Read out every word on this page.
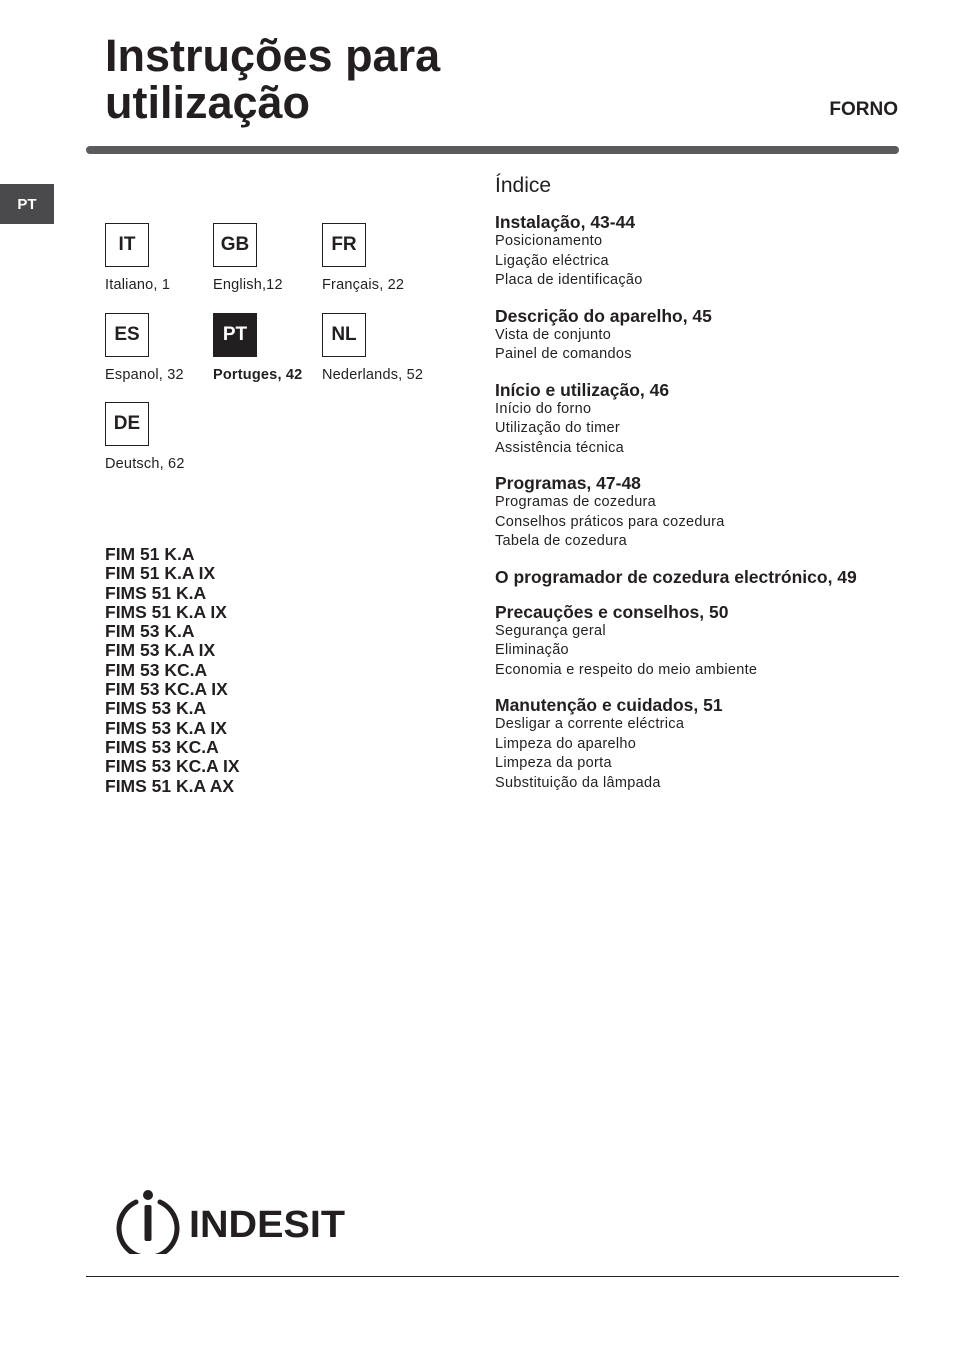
Instruções para
utilização	FORNO
PT
IT
Italiano, 1
GB
English,12
FR
Français, 22
ES
Espanol, 32
PT
Portuges, 42
NL
Nederlands, 52
DE
Deutsch, 62
FIM 51 K.A
FIM 51 K.A IX
FIMS 51 K.A
FIMS 51 K.A IX
FIM 53 K.A
FIM 53 K.A IX
FIM 53 KC.A
FIM 53 KC.A IX
FIMS 53 K.A
FIMS 53 K.A IX
FIMS 53 KC.A
FIMS 53 KC.A IX
FIMS 51 K.A AX
Índice
Instalação, 43-44
Posicionamento
Ligação eléctrica
Placa de identificação
Descrição do aparelho, 45
Vista de conjunto
Painel de comandos
Início e utilização, 46
Início do forno
Utilização do timer
Assistência técnica
Programas, 47-48
Programas de cozedura
Conselhos práticos para cozedura
Tabela de cozedura
O programador de cozedura electrónico, 49
Precauções e conselhos, 50
Segurança geral
Eliminação
Economia e respeito do meio ambiente
Manutenção e cuidados, 51
Desligar a corrente eléctrica
Limpeza do aparelho
Limpeza da porta
Substituição da lâmpada
INDESIT
